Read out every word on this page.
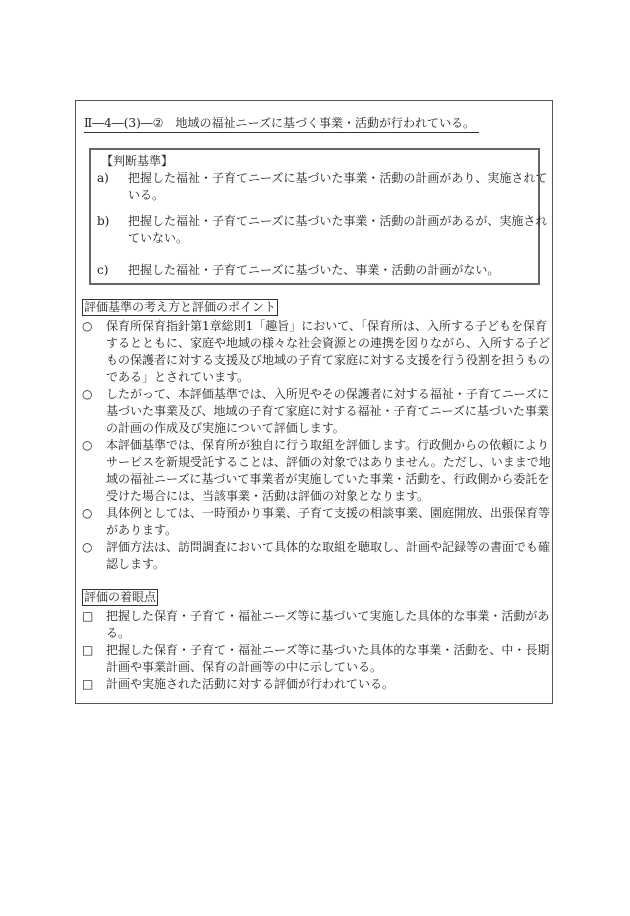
Ⅱ―4―(3)―②　地域の福祉ニーズに基づく事業・活動が行われている。
【判断基準】
a)	把握した福祉・子育てニーズに基づいた事業・活動の計画があり、実施されて
いる。
b)	把握した福祉・子育てニーズに基づいた事業・活動の計画があるが、実施され
ていない。
c)	把握した福祉・子育てニーズに基づいた、事業・活動の計画がない。
評価基準の考え方と評価のポイント
○	保育所保育指針第1章総則1「趣旨」において、「保育所は、入所する子どもを保育
するとともに、家庭や地域の様々な社会資源との連携を図りながら、入所する子ど
もの保護者に対する支援及び地域の子育て家庭に対する支援を行う役割を担うもの
である」とされています。
○	したがって、本評価基準では、入所児やその保護者に対する福祉・子育てニーズに
基づいた事業及び、地域の子育て家庭に対する福祉・子育てニーズに基づいた事業
の計画の作成及び実施について評価します。
○	本評価基準では、保育所が独自に行う取組を評価します。行政側からの依頼により
サービスを新規受託することは、評価の対象ではありません。ただし、いままで地
域の福祉ニーズに基づいて事業者が実施していた事業・活動を、行政側から委託を
受けた場合には、当該事業・活動は評価の対象となります。
○	具体例としては、一時預かり事業、子育て支援の相談事業、園庭開放、出張保育等
があります。
○	評価方法は、訪問調査において具体的な取組を聴取し、計画や記録等の書面でも確
認します。
評価の着眼点
□	把握した保育・子育て・福祉ニーズ等に基づいて実施した具体的な事業・活動があ
る。
□	把握した保育・子育て・福祉ニーズ等に基づいた具体的な事業・活動を、中・長期
計画や事業計画、保育の計画等の中に示している。
□	計画や実施された活動に対する評価が行われている。
